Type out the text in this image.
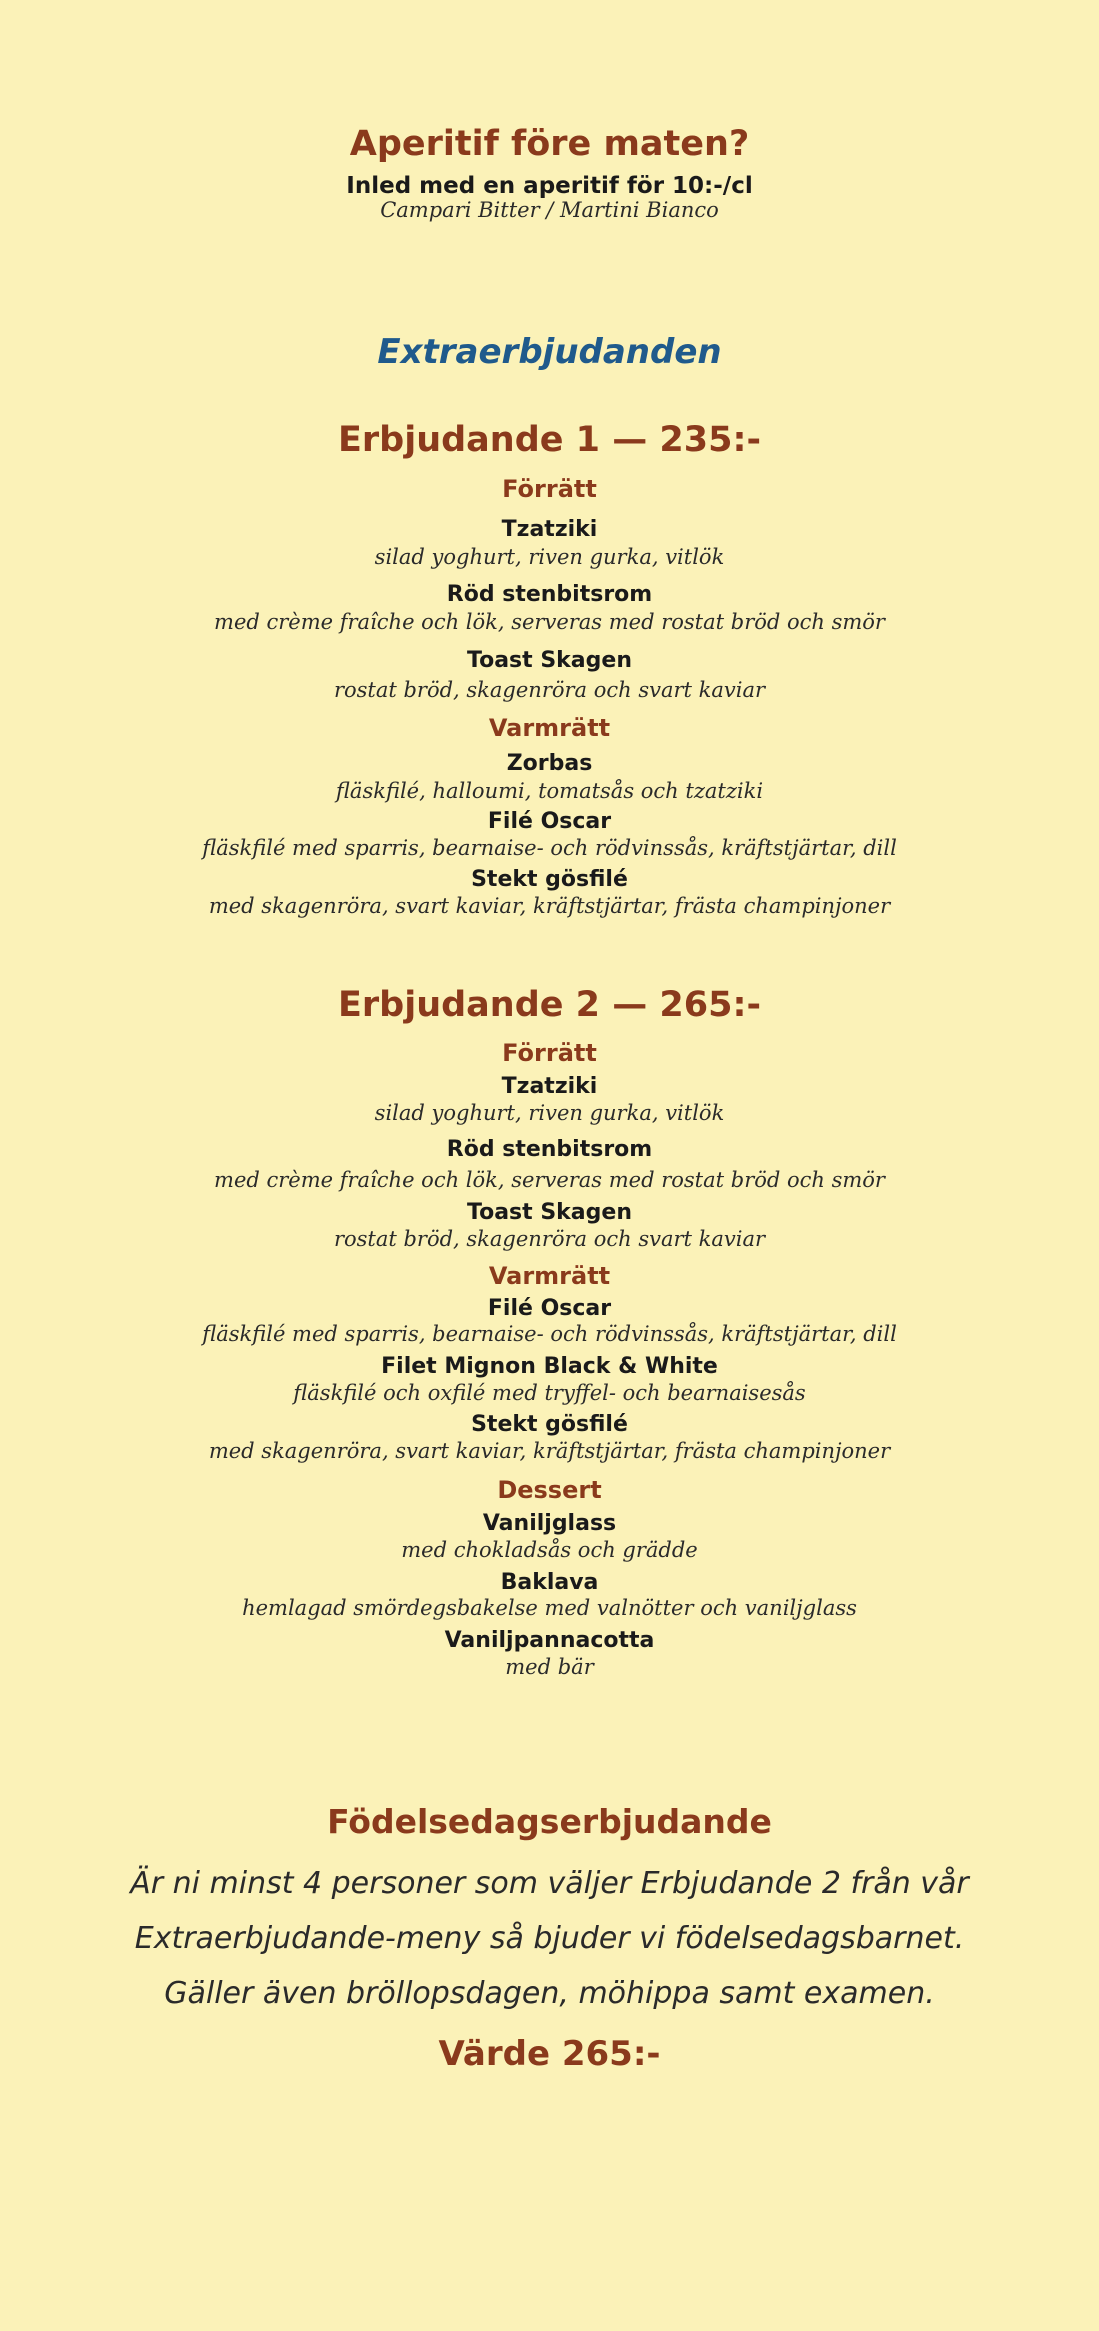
Aperitif före maten?
Inled med en aperitif för 10:-/cl
Campari Bitter / Martini Bianco
Extraerbjudanden
Erbjudande 1 — 235:-
Förrätt
Tzatziki
silad yoghurt, riven gurka, vitlök
Röd stenbitsrom
med crème fraîche och lök, serveras med rostat bröd och smör
Toast Skagen
rostat bröd, skagenröra och svart kaviar
Varmrätt
Zorbas
fläskfilé, halloumi, tomatsås och tzatziki
Filé Oscar
fläskfilé med sparris, bearnaise- och rödvinssås, kräftstjärtar, dill
Stekt gösfilé
med skagenröra, svart kaviar, kräftstjärtar, frästa champinjoner
Erbjudande 2 — 265:-
Förrätt
Tzatziki
silad yoghurt, riven gurka, vitlök
Röd stenbitsrom
med crème fraîche och lök, serveras med rostat bröd och smör
Toast Skagen
rostat bröd, skagenröra och svart kaviar
Varmrätt
Filé Oscar
fläskfilé med sparris, bearnaise- och rödvinssås, kräftstjärtar, dill
Filet Mignon Black & White
fläskfilé och oxfilé med tryffel- och bearnaisesås
Stekt gösfilé
med skagenröra, svart kaviar, kräftstjärtar, frästa champinjoner
Dessert
Vaniljglass
med chokladsås och grädde
Baklava
hemlagad smördegsbakelse med valnötter och vaniljglass
Vaniljpannacotta
med bär
Födelsedagserbjudande
Är ni minst 4 personer som väljer Erbjudande 2 från vår
Extraerbjudande-meny så bjuder vi födelsedagsbarnet.
Gäller även bröllopsdagen, möhippa samt examen.
Värde 265:-
